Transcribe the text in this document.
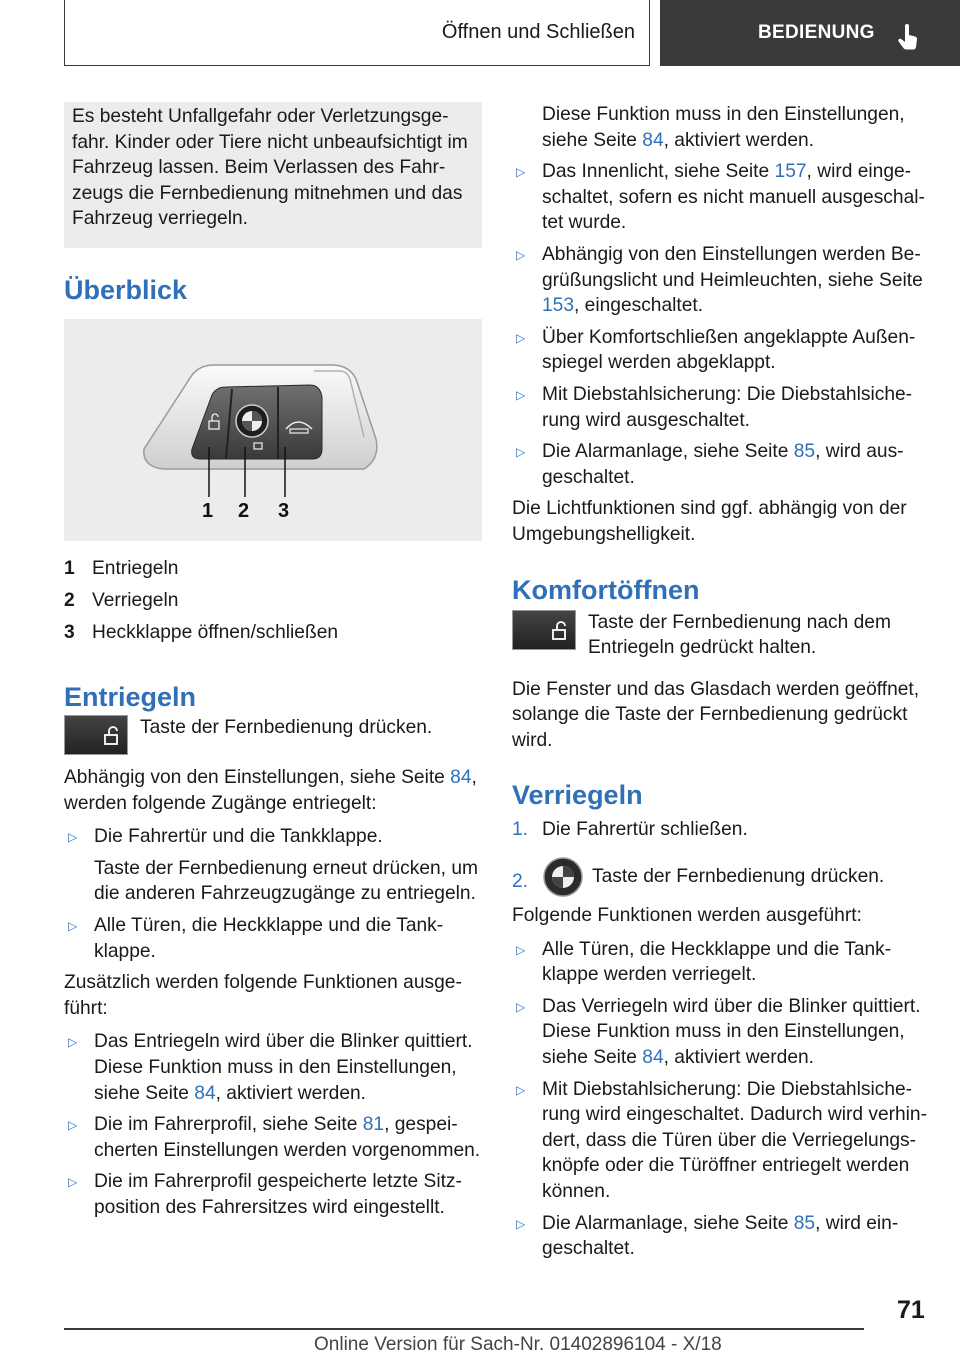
Öffnen und Schließen	BEDIENUNG

Es besteht Unfallgefahr oder Verletzungsgefahr. Kinder oder Tiere nicht unbeaufsichtigt im Fahrzeug lassen. Beim Verlassen des Fahrzeugs die Fernbedienung mitnehmen und das Fahrzeug verriegeln.

Überblick
1 2 3
1 Entriegeln
2 Verriegeln
3 Heckklappe öffnen/schließen
Entriegeln

Taste der Fernbedienung drücken.

Abhängig von den Einstellungen, siehe Seite 84, werden folgende Zugänge entriegelt:

▷ Die Fahrertür und die Tankklappe.
Taste der Fernbedienung erneut drücken, um die anderen Fahrzeugzugänge zu entriegeln.
▷ Alle Türen, die Heckklappe und die Tankklappe.

Zusätzlich werden folgende Funktionen ausgeführt:

▷ Das Entriegeln wird über die Blinker quittiert. Diese Funktion muss in den Einstellungen, siehe Seite 84, aktiviert werden.
▷ Die im Fahrerprofil, siehe Seite 81, gespeicherten Einstellungen werden vorgenommen.
▷ Die im Fahrerprofil gespeicherte letzte Sitzposition des Fahrersitzes wird eingestellt.

Diese Funktion muss in den Einstellungen, siehe Seite 84, aktiviert werden.

▷ Das Innenlicht, siehe Seite 157, wird eingeschaltet, sofern es nicht manuell ausgeschaltet wurde.
▷ Abhängig von den Einstellungen werden Begrüßungslicht und Heimleuchten, siehe Seite 153, eingeschaltet.
▷ Über Komfortschließen angeklappte Außenspiegel werden abgeklappt.
▷ Mit Diebstahlsicherung: Die Diebstahlsicherung wird ausgeschaltet.
▷ Die Alarmanlage, siehe Seite 85, wird ausgeschaltet.

Die Lichtfunktionen sind ggf. abhängig von der Umgebungshelligkeit.

Komfortöffnen

Taste der Fernbedienung nach dem Entriegeln gedrückt halten.

Die Fenster und das Glasdach werden geöffnet, solange die Taste der Fernbedienung gedrückt wird.

Verriegeln
1. Die Fahrertür schließen.
2.	Taste der Fernbedienung drücken.

Folgende Funktionen werden ausgeführt:

▷ Alle Türen, die Heckklappe und die Tankklappe werden verriegelt.
▷ Das Verriegeln wird über die Blinker quittiert. Diese Funktion muss in den Einstellungen, siehe Seite 84, aktiviert werden.
▷ Mit Diebstahlsicherung: Die Diebstahlsicherung wird eingeschaltet. Dadurch wird verhindert, dass die Türen über die Verriegelungsknöpfe oder die Türöffner entriegelt werden können.
▷ Die Alarmanlage, siehe Seite 85, wird eingeschaltet.
71
Online Version für Sach-Nr. 01402896104 - X/18
